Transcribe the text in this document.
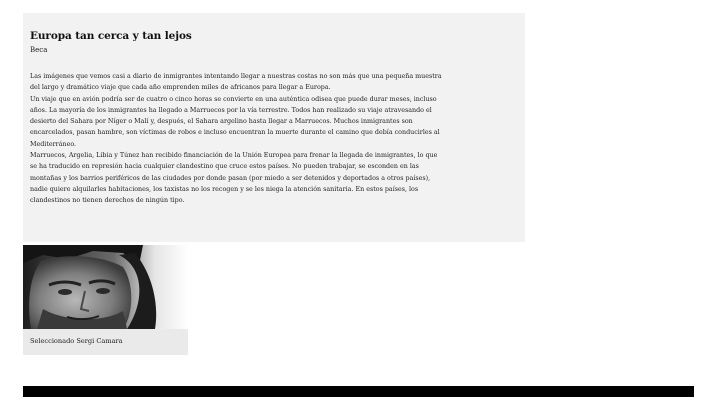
Europa tan cerca y tan lejos
Beca

Las imágenes que vemos casi a diario de inmigrantes intentando llegar a nuestras costas no son más que una pequeña muestra del largo y dramático viaje que cada año emprenden miles de africanos para llegar a Europa.

Un viaje que en avión podría ser de cuatro o cinco horas se convierte en una auténtica odisea que puede durar meses, incluso años. La mayoría de los inmigrantes ha llegado a Marruecos por la vía terrestre. Todos han realizado su viaje atravesando el desierto del Sahara por Níger o Malí y, después, el Sahara argelino hasta llegar a Marruecos. Muchos inmigrantes son encarcelados, pasan hambre, son víctimas de robos e incluso encuentran la muerte durante el camino que debía conducirles al Mediterráneo.

Marruecos, Argelia, Libia y Túnez han recibido financiación de la Unión Europea para frenar la llegada de inmigrantes, lo que se ha traducido en represión hacia cualquier clandestino que cruce estos países. No pueden trabajar, se esconden en las montañas y los barrios periféricos de las ciudades por donde pasan (por miedo a ser detenidos y deportados a otros países), nadie quiere alquilarles habitaciones, los taxistas no los recogen y se les niega la atención sanitaria. En estos países, los clandestinos no tienen derechos de ningún tipo.

Seleccionado Sergi Camara
